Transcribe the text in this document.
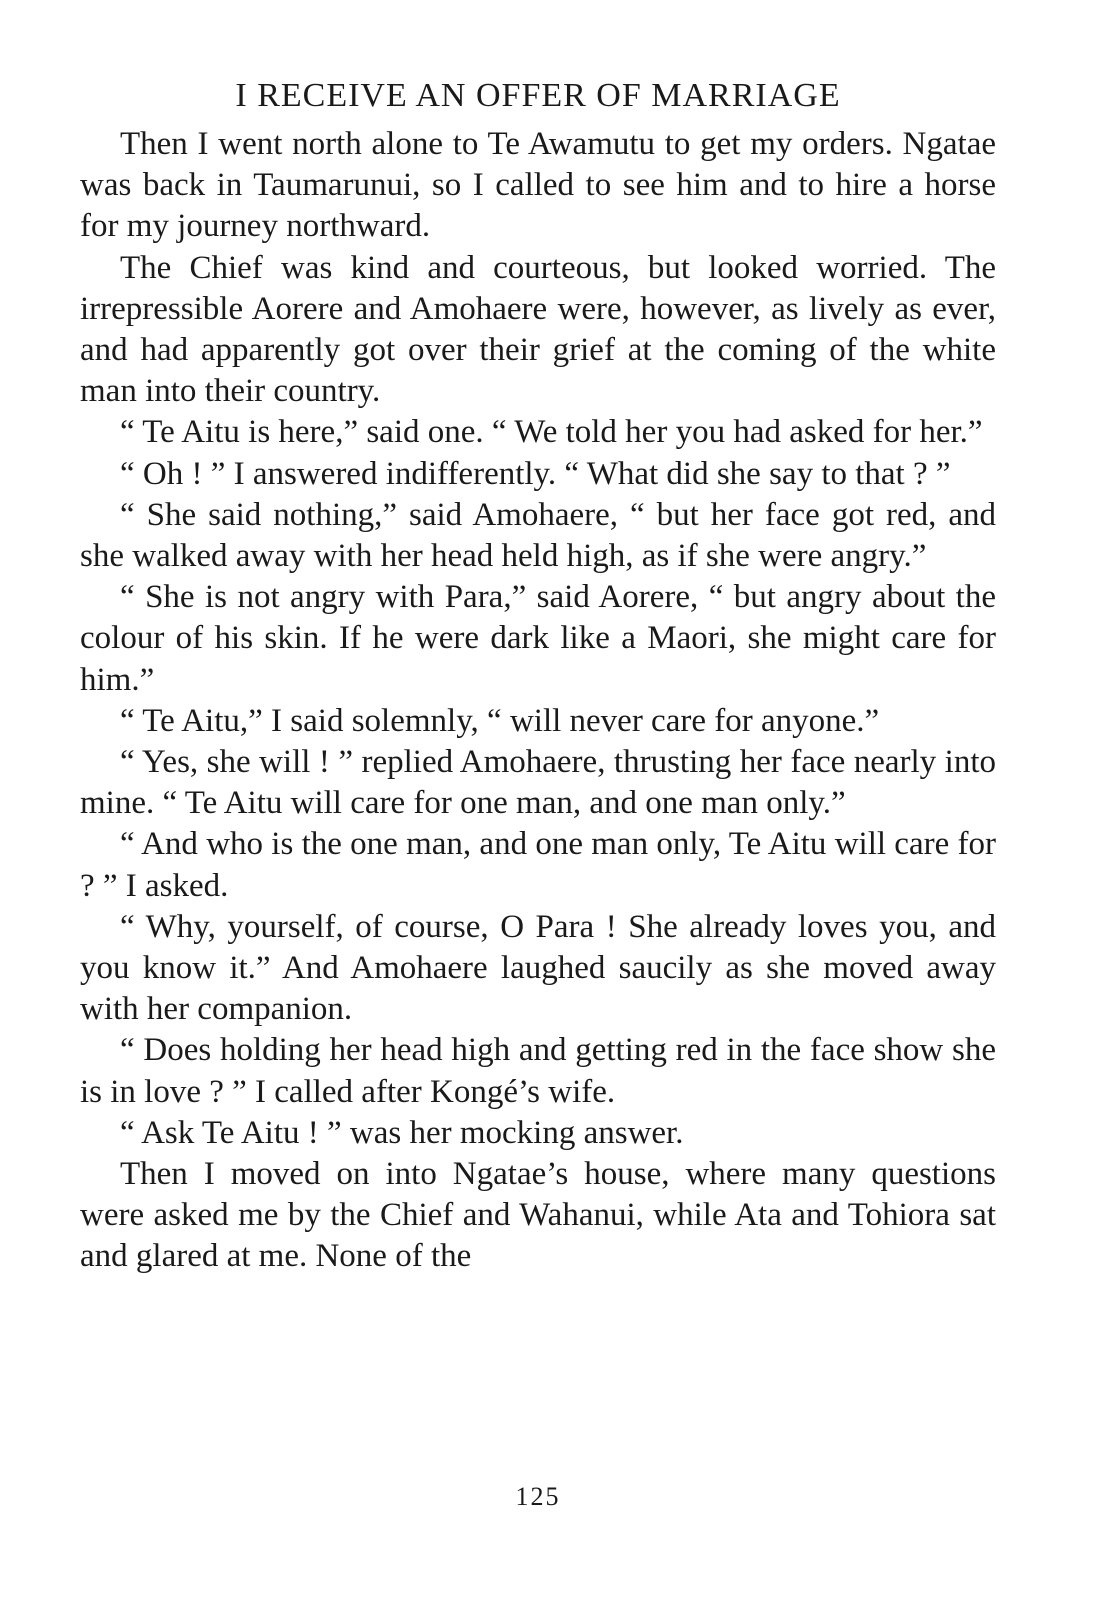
I RECEIVE AN OFFER OF MARRIAGE

Then I went north alone to Te Awamutu to get my orders. Ngatae was back in Taumarunui, so I called to see him and to hire a horse for my journey northward.

The Chief was kind and courteous, but looked worried. The irrepressible Aorere and Amohaere were, however, as lively as ever, and had apparently got over their grief at the coming of the white man into their country.

“ Te Aitu is here,” said one. “ We told her you had asked for her.”

“ Oh ! ” I answered indifferently. “ What did she say to that ? ”

“ She said nothing,” said Amohaere, “ but her face got red, and she walked away with her head held high, as if she were angry.”

“ She is not angry with Para,” said Aorere, “ but angry about the colour of his skin. If he were dark like a Maori, she might care for him.”

“ Te Aitu,” I said solemnly, “ will never care for anyone.”

“ Yes, she will ! ” replied Amohaere, thrusting her face nearly into mine. “ Te Aitu will care for one man, and one man only.”

“ And who is the one man, and one man only, Te Aitu will care for ? ” I asked.

“ Why, yourself, of course, O Para ! She already loves you, and you know it.” And Amohaere laughed saucily as she moved away with her companion.

“ Does holding her head high and getting red in the face show she is in love ? ” I called after Kongé’s wife.

“ Ask Te Aitu ! ” was her mocking answer.

Then I moved on into Ngatae’s house, where many questions were asked me by the Chief and Wahanui, while Ata and Tohiora sat and glared at me. None of the

125
